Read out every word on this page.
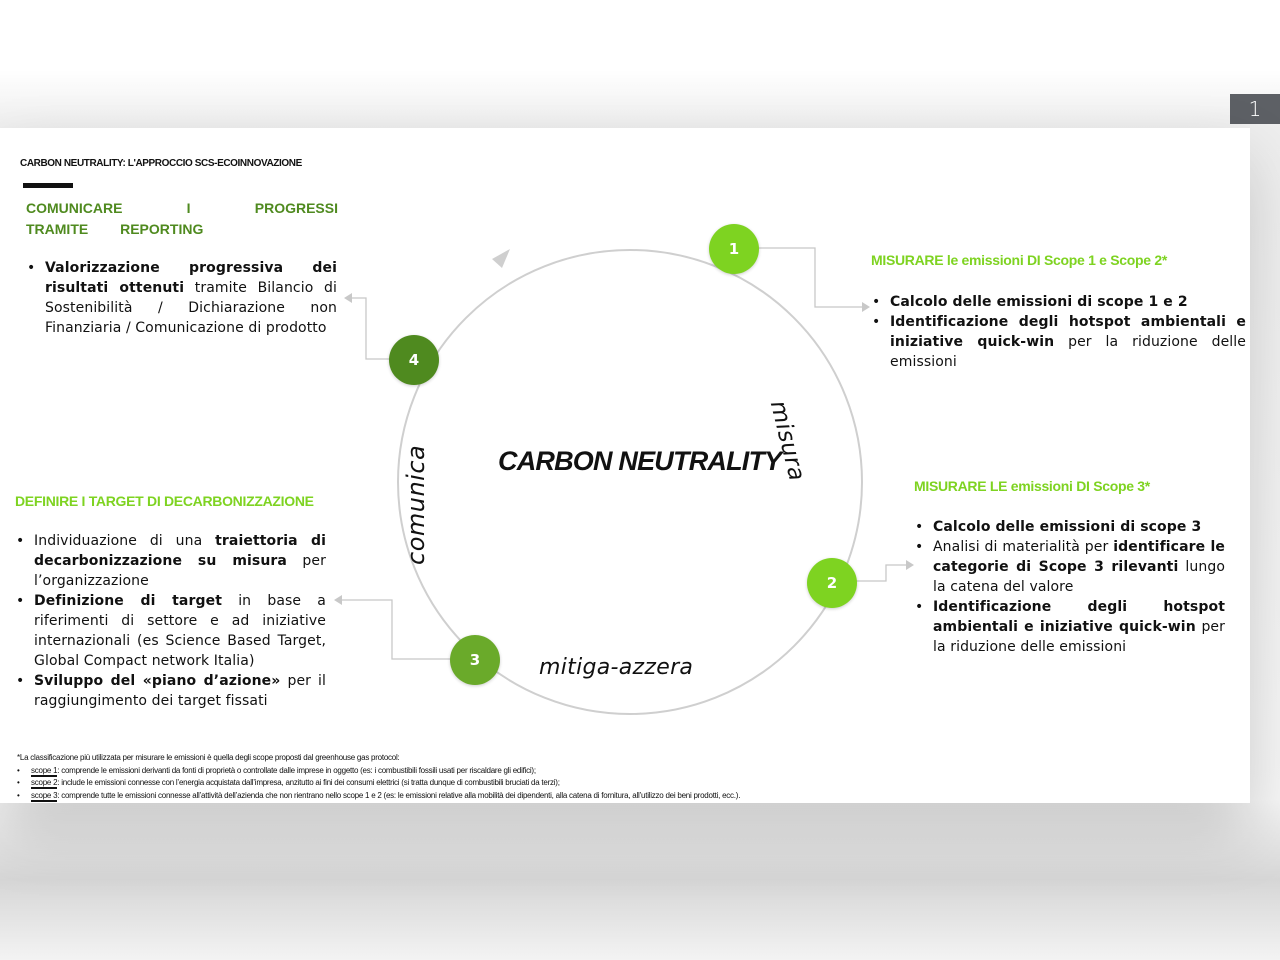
1
CARBON NEUTRALITY: L'APPROCCIO SCS-ECOINNOVAZIONE
1
2
3
4
CARBON NEUTRALITY
misura
mitiga-azzera
comunica
COMUNICARE I PROGRESSI TRAMITE REPORTING
• Valorizzazione progressiva dei risultati ottenuti tramite Bilancio di Sostenibilità / Dichiarazione non Finanziaria / Comunicazione di prodotto
MISURARE le emissioni DI Scope 1 e Scope 2*
• Calcolo delle emissioni di scope 1 e 2
• Identificazione degli hotspot ambientali e iniziative quick-win per la riduzione delle emissioni
MISURARE LE emissioni DI Scope 3*
• Calcolo delle emissioni di scope 3
• Analisi di materialità per identificare le categorie di Scope 3 rilevanti lungo la catena del valore
• Identificazione degli hotspot ambientali e iniziative quick-win per la riduzione delle emissioni
DEFINIRE I TARGET DI DECARBONIZZAZIONE
• Individuazione di una traiettoria di decarbonizzazione su misura per l’organizzazione
• Definizione di target in base a riferimenti di settore e ad iniziative internazionali (es Science Based Target, Global Compact network Italia)
• Sviluppo del «piano d’azione» per il raggiungimento dei target fissati
*La classificazione più utilizzata per misurare le emissioni è quella degli scope proposti dal greenhouse gas protocol:
• scope 1: comprende le emissioni derivanti da fonti di proprietà o controllate dalle imprese in oggetto (es: i combustibili fossili usati per riscaldare gli edifici);
• scope 2: include le emissioni connesse con l’energia acquistata dall’impresa, anzitutto ai fini dei consumi elettrici (si tratta dunque di combustibili bruciati da terzi);
• scope 3: comprende tutte le emissioni connesse all’attività dell’azienda che non rientrano nello scope 1 e 2 (es: le emissioni relative alla mobilità dei dipendenti, alla catena di fornitura, all’utilizzo dei beni prodotti, ecc.).
